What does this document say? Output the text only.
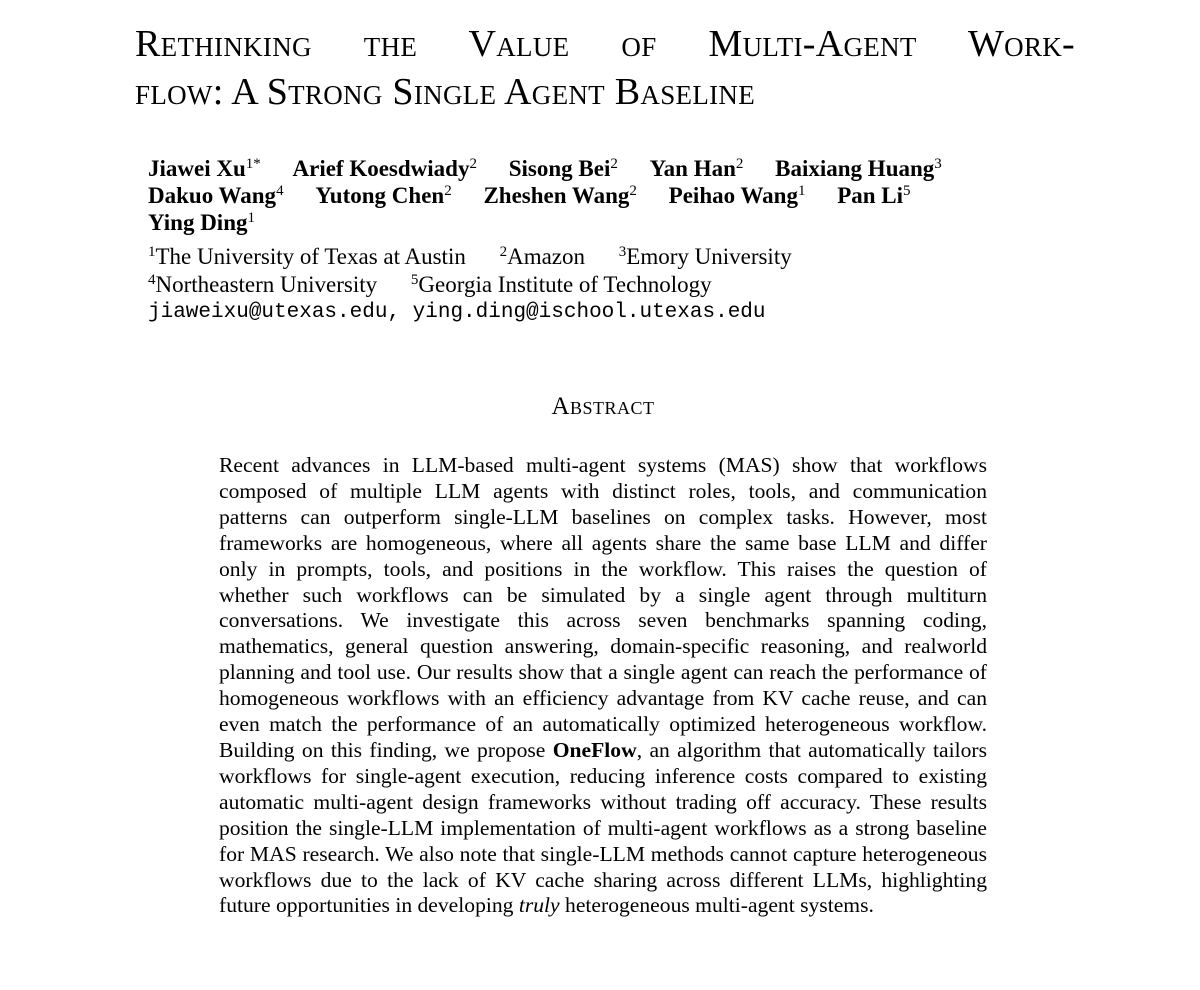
Rethinking the Value of Multi-Agent Work-
flow: A Strong Single Agent Baseline
Jiawei $Xu^{1*}$ Arief Koesdwiady$^2$ Sisong Bei$^2$ Yan Han$^2$ Baixiang Huang$^3$
Dakuo Wang$^4$ Yutong Chen$^2$ Zheshen Wang$^2$ Peihao Wang$^1$ Pan Li$^5$
Ying Ding$^1$
$^1$The University of Texas at Austin $^2$Amazon $^3$Emory University
$^4$Northeastern University $^5$Georgia Institute of Technology
jiaweixu@utexas.edu, ying.ding@ischool.utexas.edu
Abstract

Recent advances in LLM-based multi-agent systems (MAS) show that workflows composed of multiple LLM agents with distinct roles, tools, and communication patterns can outperform single-LLM baselines on complex tasks. However, most frameworks are homogeneous, where all agents share the same base LLM and differ only in prompts, tools, and positions in the workflow. This raises the question of whether such workflows can be simulated by a single agent through multiturn conversations. We investigate this across seven benchmarks spanning coding, mathematics, general question answering, domain-specific reasoning, and realworld planning and tool use. Our results show that a single agent can reach the performance of homogeneous workflows with an efficiency advantage from KV cache reuse, and can even match the performance of an automatically optimized heterogeneous workflow. Building on this finding, we propose OneFlow, an algorithm that automatically tailors workflows for single-agent execution, reducing inference costs compared to existing automatic multi-agent design frameworks without trading off accuracy. These results position the single-LLM implementation of multi-agent workflows as a strong baseline for MAS research. We also note that single-LLM methods cannot capture heterogeneous workflows due to the lack of KV cache sharing across different LLMs, highlighting future opportunities in developing truly heterogeneous multi-agent systems.
